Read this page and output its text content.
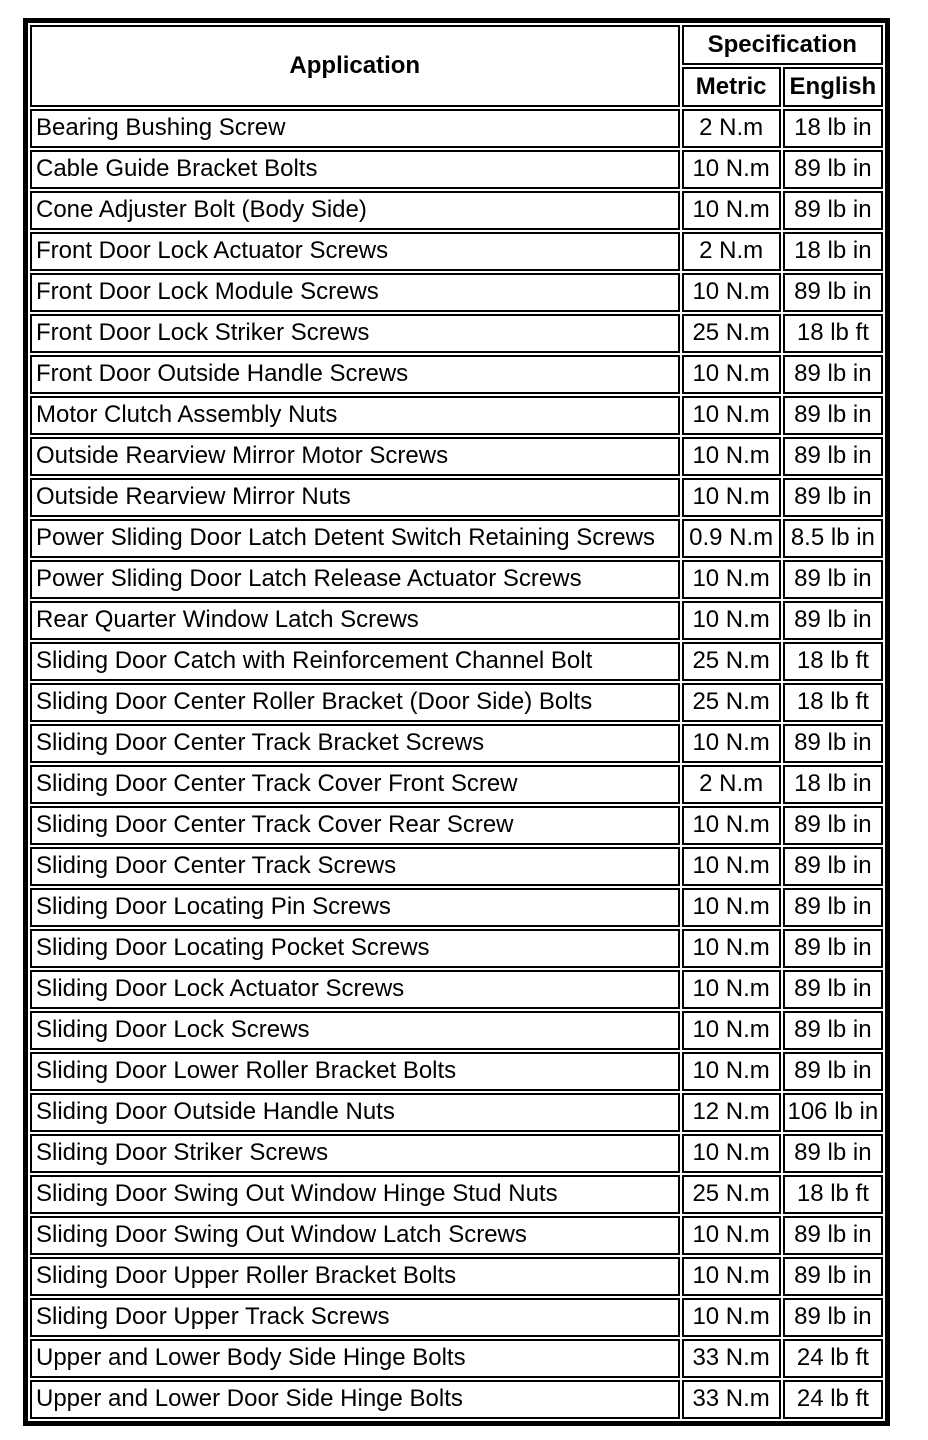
Application	Specification	
	Metric	English
Bearing Bushing Screw	2 N.m	18 lb in
Cable Guide Bracket Bolts	10 N.m	89 lb in
Cone Adjuster Bolt (Body Side)	10 N.m	89 lb in
Front Door Lock Actuator Screws	2 N.m	18 lb in
Front Door Lock Module Screws	10 N.m	89 lb in
Front Door Lock Striker Screws	25 N.m	18 lb ft
Front Door Outside Handle Screws	10 N.m	89 lb in
Motor Clutch Assembly Nuts	10 N.m	89 lb in
Outside Rearview Mirror Motor Screws	10 N.m	89 lb in
Outside Rearview Mirror Nuts	10 N.m	89 lb in
Power Sliding Door Latch Detent Switch Retaining Screws	0.9 N.m	8.5 lb in
Power Sliding Door Latch Release Actuator Screws	10 N.m	89 lb in
Rear Quarter Window Latch Screws	10 N.m	89 lb in
Sliding Door Catch with Reinforcement Channel Bolt	25 N.m	18 lb ft
Sliding Door Center Roller Bracket (Door Side) Bolts	25 N.m	18 lb ft
Sliding Door Center Track Bracket Screws	10 N.m	89 lb in
Sliding Door Center Track Cover Front Screw	2 N.m	18 lb in
Sliding Door Center Track Cover Rear Screw	10 N.m	89 lb in
Sliding Door Center Track Screws	10 N.m	89 lb in
Sliding Door Locating Pin Screws	10 N.m	89 lb in
Sliding Door Locating Pocket Screws	10 N.m	89 lb in
Sliding Door Lock Actuator Screws	10 N.m	89 lb in
Sliding Door Lock Screws	10 N.m	89 lb in
Sliding Door Lower Roller Bracket Bolts	10 N.m	89 lb in
Sliding Door Outside Handle Nuts	12 N.m	106 lb in
Sliding Door Striker Screws	10 N.m	89 lb in
Sliding Door Swing Out Window Hinge Stud Nuts	25 N.m	18 lb ft
Sliding Door Swing Out Window Latch Screws	10 N.m	89 lb in
Sliding Door Upper Roller Bracket Bolts	10 N.m	89 lb in
Sliding Door Upper Track Screws	10 N.m	89 lb in
Upper and Lower Body Side Hinge Bolts	33 N.m	24 lb ft
Upper and Lower Door Side Hinge Bolts	33 N.m	24 lb ft
